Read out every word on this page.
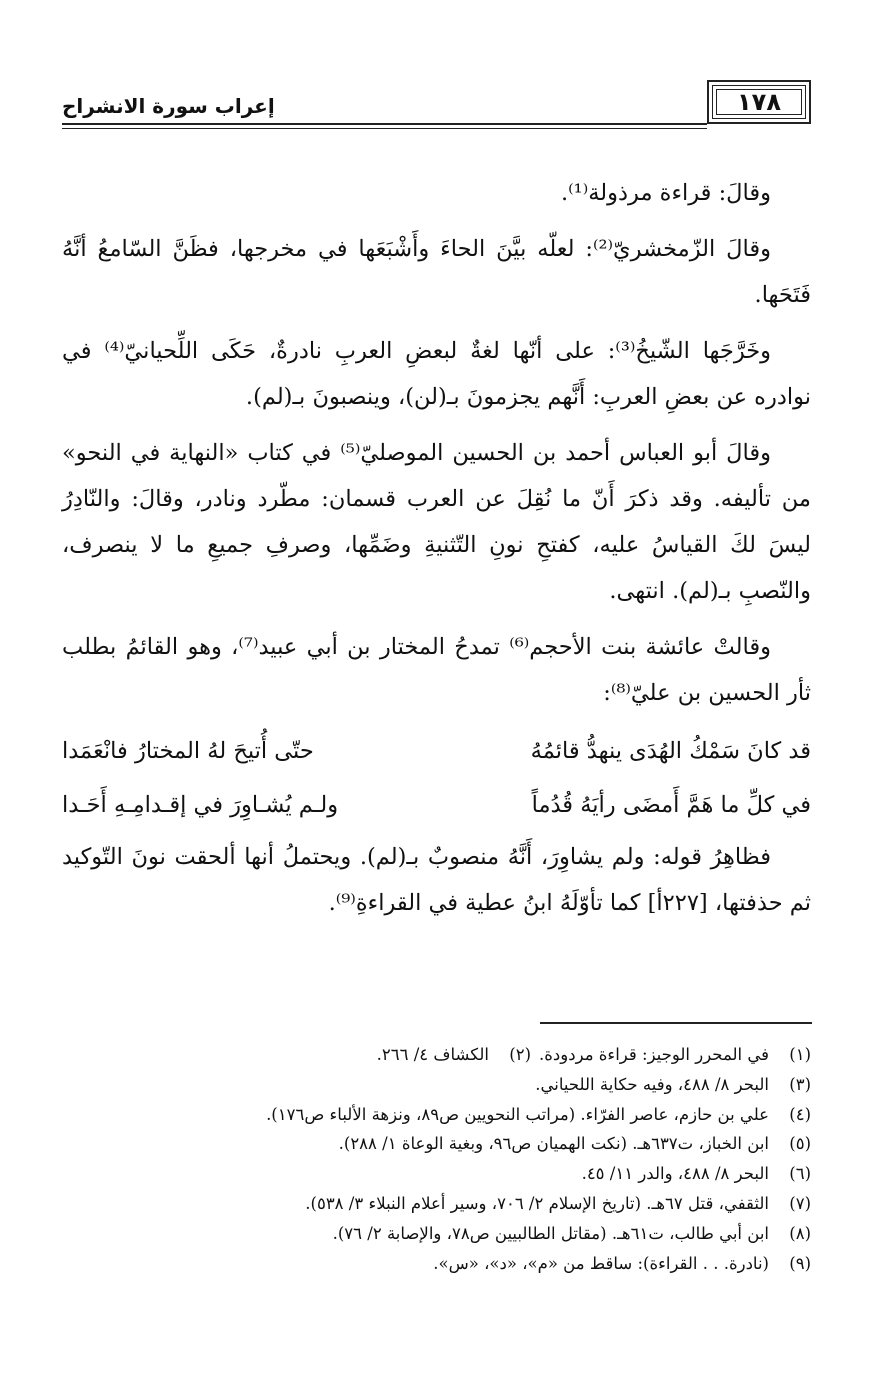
١٧٨
إعراب سورة الانشراح

وقالَ: قراءة مرذولة⁽¹⁾.

وقالَ الزّمخشريّ⁽²⁾: لعلّه بيَّنَ الحاءَ وأَشْبَعَها في مخرجها، فظَنَّ السّامعُ أنَّهُ فَتَحَها.

وخَرَّجَها الشّيخُ⁽³⁾: على أنّها لغةٌ لبعضِ العربِ نادرةٌ، حَكَى اللِّحيانيّ⁽⁴⁾ في نوادره عن بعضِ العربِ: أَنَّهم يجزمونَ بـ(لن)، وينصبونَ بـ(لم).

وقالَ أبو العباس أحمد بن الحسين الموصليّ⁽⁵⁾ في كتاب «النهاية في النحو» من تأليفه. وقد ذكرَ أَنّ ما نُقِلَ عن العرب قسمان: مطّرد ونادر، وقالَ: والنّادِرُ ليسَ لكَ القياسُ عليه، كفتحِ نونِ التّثنيةِ وضَمِّها، وصرفِ جميعِ ما لا ينصرف، والنّصبِ بـ(لم). انتهى.

وقالتْ عائشة بنت الأحجم⁽⁶⁾ تمدحُ المختار بن أبي عبيد⁽⁷⁾، وهو القائمُ بطلب ثأر الحسين بن عليّ⁽⁸⁾:

قد كانَ سَمْكُ الهُدَى ينهدُّ قائمُهُ
حتّى أُتيحَ لهُ المختارُ فانْعَمَدا
في كلِّ ما هَمَّ أَمضَى رأيَهُ قُدُماً
ولـم يُشـاوِرَ في إقـدامِـهِ أَحَـدا

فظاهِرُ قوله: ولم يشاوِرَ، أَنَّهُ منصوبٌ بـ(لم). ويحتملُ أنها ألحقت نونَ التّوكيد ثم حذفتها، [٢٢٧أ] كما تأوّلَهُ ابنُ عطية في القراءةِ⁽⁹⁾.

(١)في المحرر الوجيز: قراءة مردودة.
(٢)الكشاف ٤/ ٢٦٦.
(٣)
البحر ٨/ ٤٨٨، وفيه حكاية اللحياني.
(٤)
علي بن حازم، عاصر الفرّاء. (مراتب النحويين ص٨٩، ونزهة الألباء ص١٧٦).
(٥)
ابن الخباز، ت٦٣٧هـ. (نكت الهميان ص٩٦، وبغية الوعاة ١/ ٢٨٨).
(٦)
البحر ٨/ ٤٨٨، والدر ١١/ ٤٥.
(٧)
الثقفي، قتل ٦٧هـ. (تاريخ الإسلام ٢/ ٧٠٦، وسير أعلام النبلاء ٣/ ٥٣٨).
(٨)
ابن أبي طالب، ت٦١هـ. (مقاتل الطالبيين ص٧٨، والإصابة ٢/ ٧٦).
(٩)
(نادرة. . . القراءة): ساقط من «م»، «د»، «س».
